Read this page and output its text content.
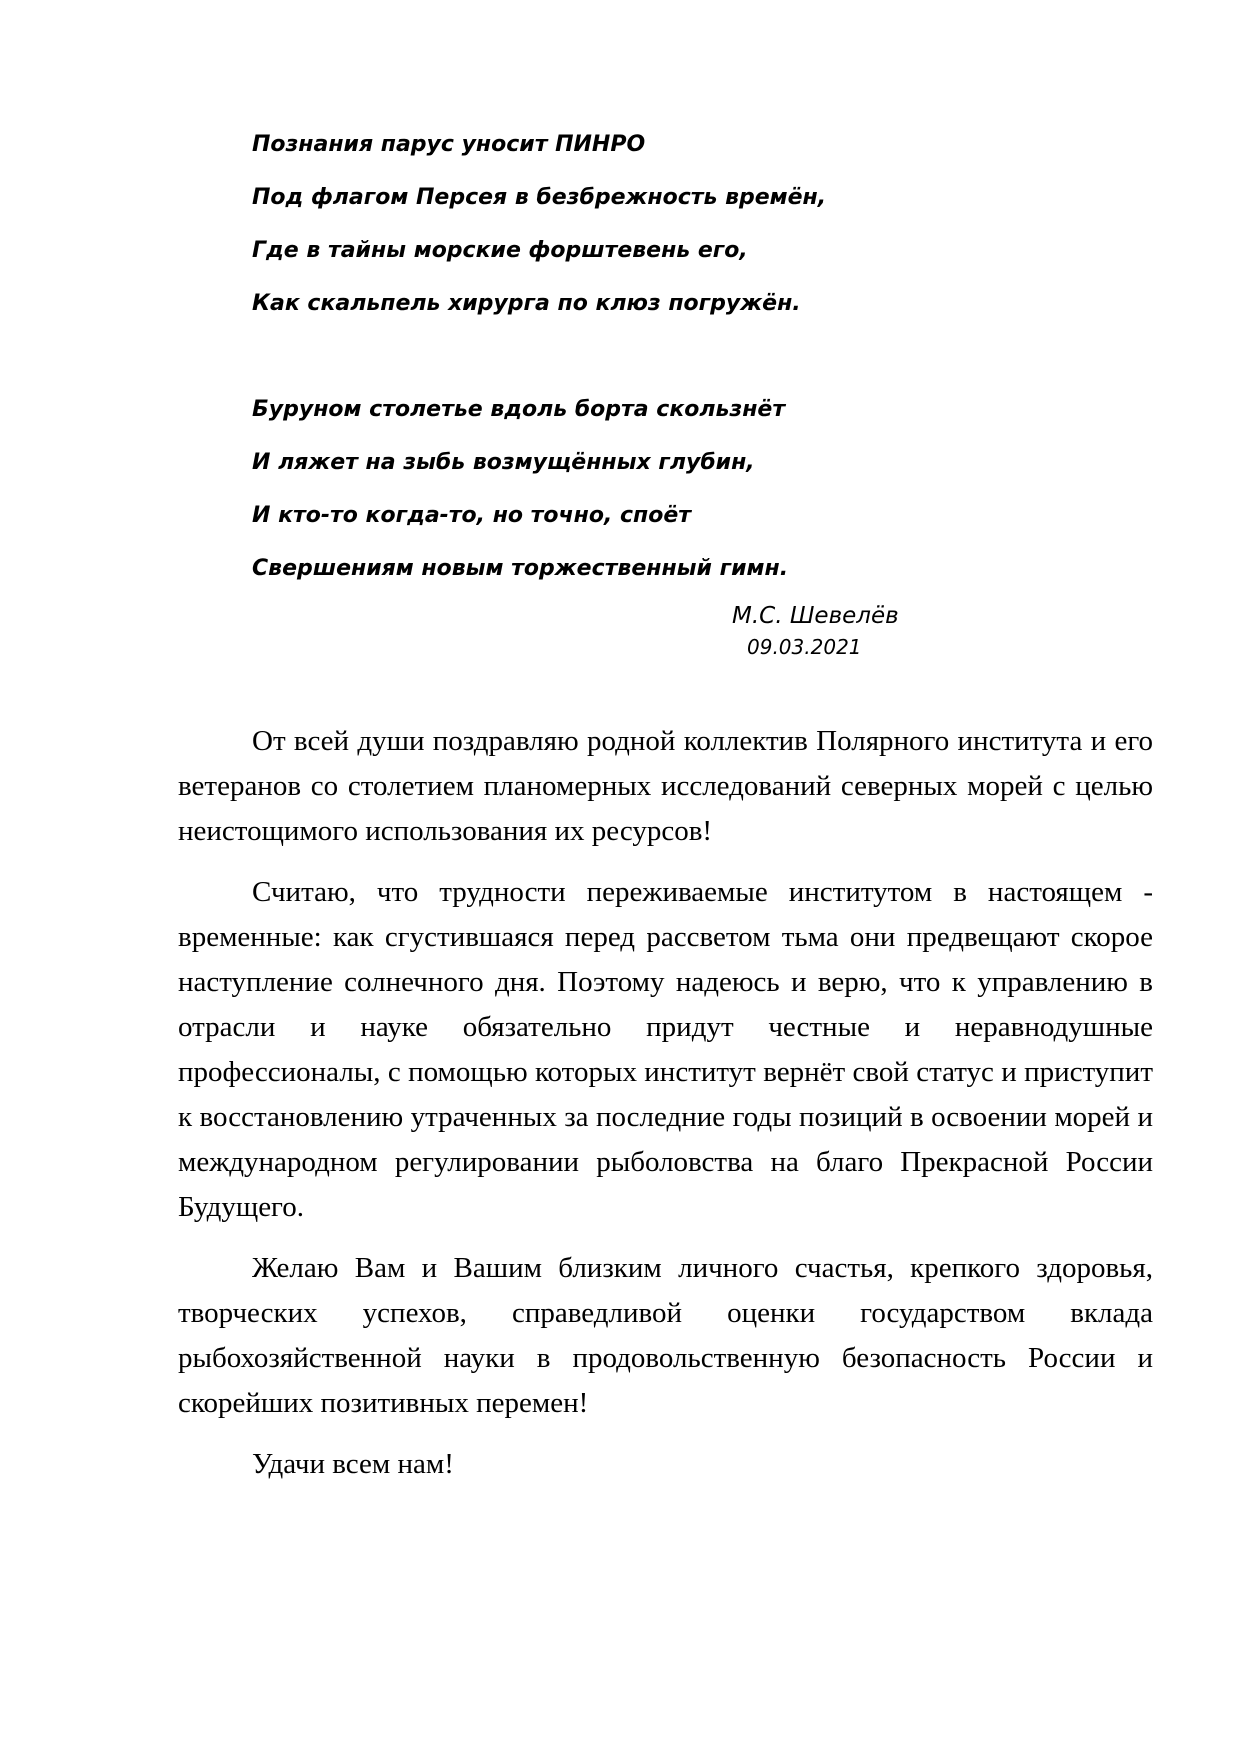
Познания парус уносит ПИНРО
Под флагом Персея в безбрежность времён,
Где в тайны морские форштевень его,
Как скальпель хирурга по клюз погружён.
Буруном столетье вдоль борта скользнёт
И ляжет на зыбь возмущённых глубин,
И кто-то когда-то, но точно, споёт
Свершениям новым торжественный гимн.
М.С. Шевелёв
09.03.2021

От всей души поздравляю родной коллектив Полярного института и его ветеранов со столетием планомерных исследований северных морей с целью неистощимого использования их ресурсов!

Считаю, что трудности переживаемые институтом в настоящем - временные: как сгустившаяся перед рассветом тьма они предвещают скорое наступление солнечного дня. Поэтому надеюсь и верю, что к управлению в отрасли и науке обязательно придут честные и неравнодушные профессионалы, с помощью которых институт вернёт свой статус и приступит к восстановлению утраченных за последние годы позиций в освоении морей и международном регулировании рыболовства на благо Прекрасной России Будущего.

Желаю Вам и Вашим близким личного счастья, крепкого здоровья, творческих успехов, справедливой оценки государством вклада рыбохозяйственной науки в продовольственную безопасность России и скорейших позитивных перемен!

Удачи всем нам!
